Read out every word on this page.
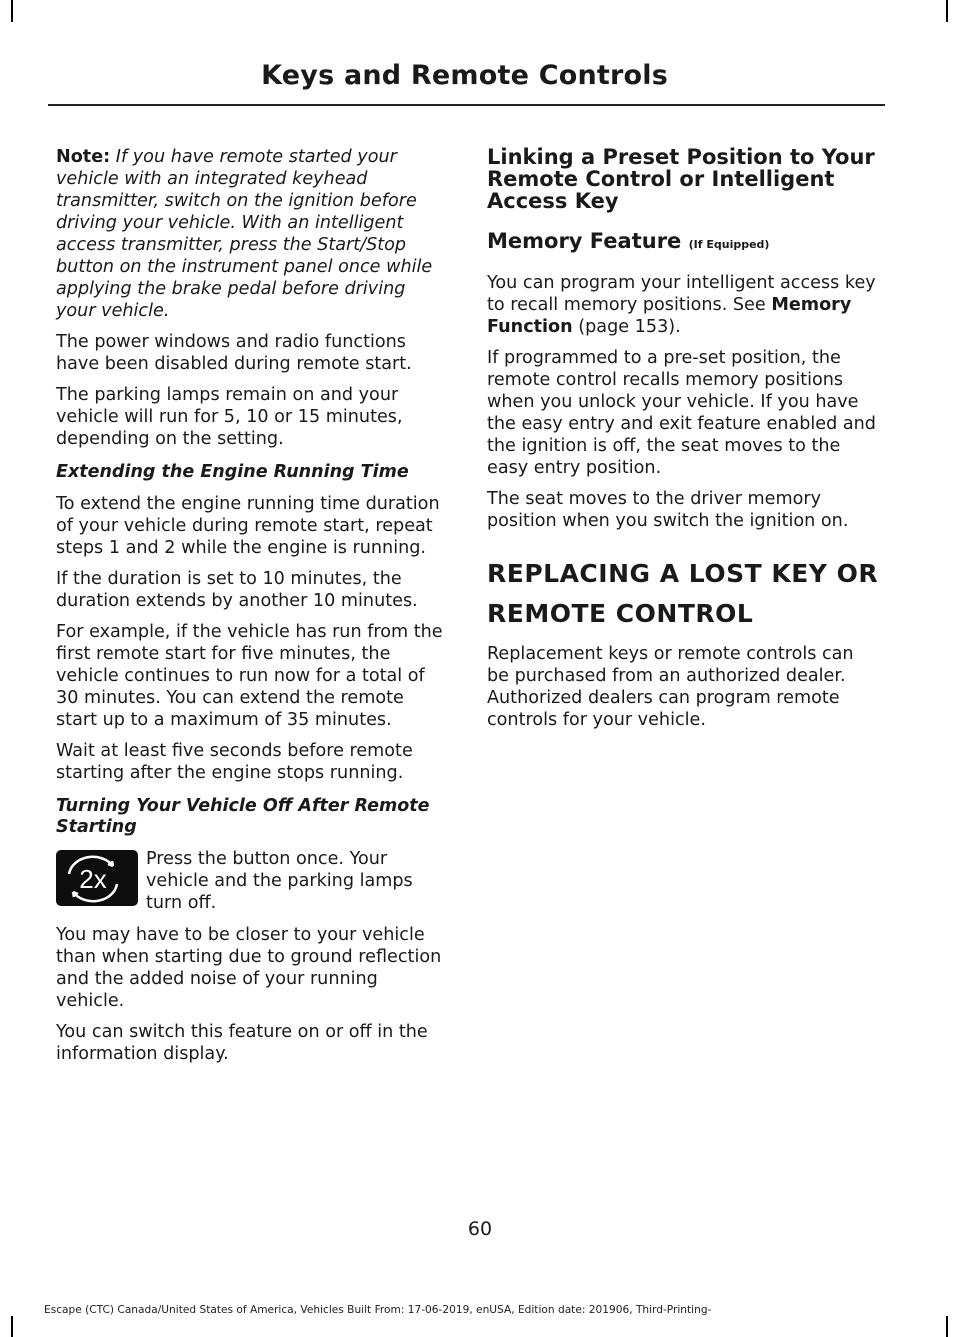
Keys and Remote Controls

Note: If you have remote started your vehicle with an integrated keyhead transmitter, switch on the ignition before driving your vehicle. With an intelligent access transmitter, press the Start/Stop button on the instrument panel once while applying the brake pedal before driving your vehicle.

The power windows and radio functions have been disabled during remote start.

The parking lamps remain on and your vehicle will run for 5, 10 or 15 minutes, depending on the setting.

Extending the Engine Running Time

To extend the engine running time duration of your vehicle during remote start, repeat steps 1 and 2 while the engine is running.

If the duration is set to 10 minutes, the duration extends by another 10 minutes.

For example, if the vehicle has run from the first remote start for five minutes, the vehicle continues to run now for a total of 30 minutes. You can extend the remote start up to a maximum of 35 minutes.

Wait at least five seconds before remote starting after the engine stops running.

Turning Your Vehicle Off After Remote Starting
2x

Press the button once. Your vehicle and the parking lamps turn off.

You may have to be closer to your vehicle than when starting due to ground reflection and the added noise of your running vehicle.

You can switch this feature on or off in the information display.

Linking a Preset Position to Your Remote Control or Intelligent Access Key
Memory Feature (If Equipped)

You can program your intelligent access key to recall memory positions. See Memory Function (page 153).

If programmed to a pre-set position, the remote control recalls memory positions when you unlock your vehicle. If you have the easy entry and exit feature enabled and the ignition is off, the seat moves to the easy entry position.

The seat moves to the driver memory position when you switch the ignition on.

REPLACING A LOST KEY OR
REMOTE CONTROL

Replacement keys or remote controls can be purchased from an authorized dealer. Authorized dealers can program remote controls for your vehicle.

60
Escape (CTC) Canada/United States of America, Vehicles Built From: 17-06-2019, enUSA, Edition date: 201906, Third-Printing-
